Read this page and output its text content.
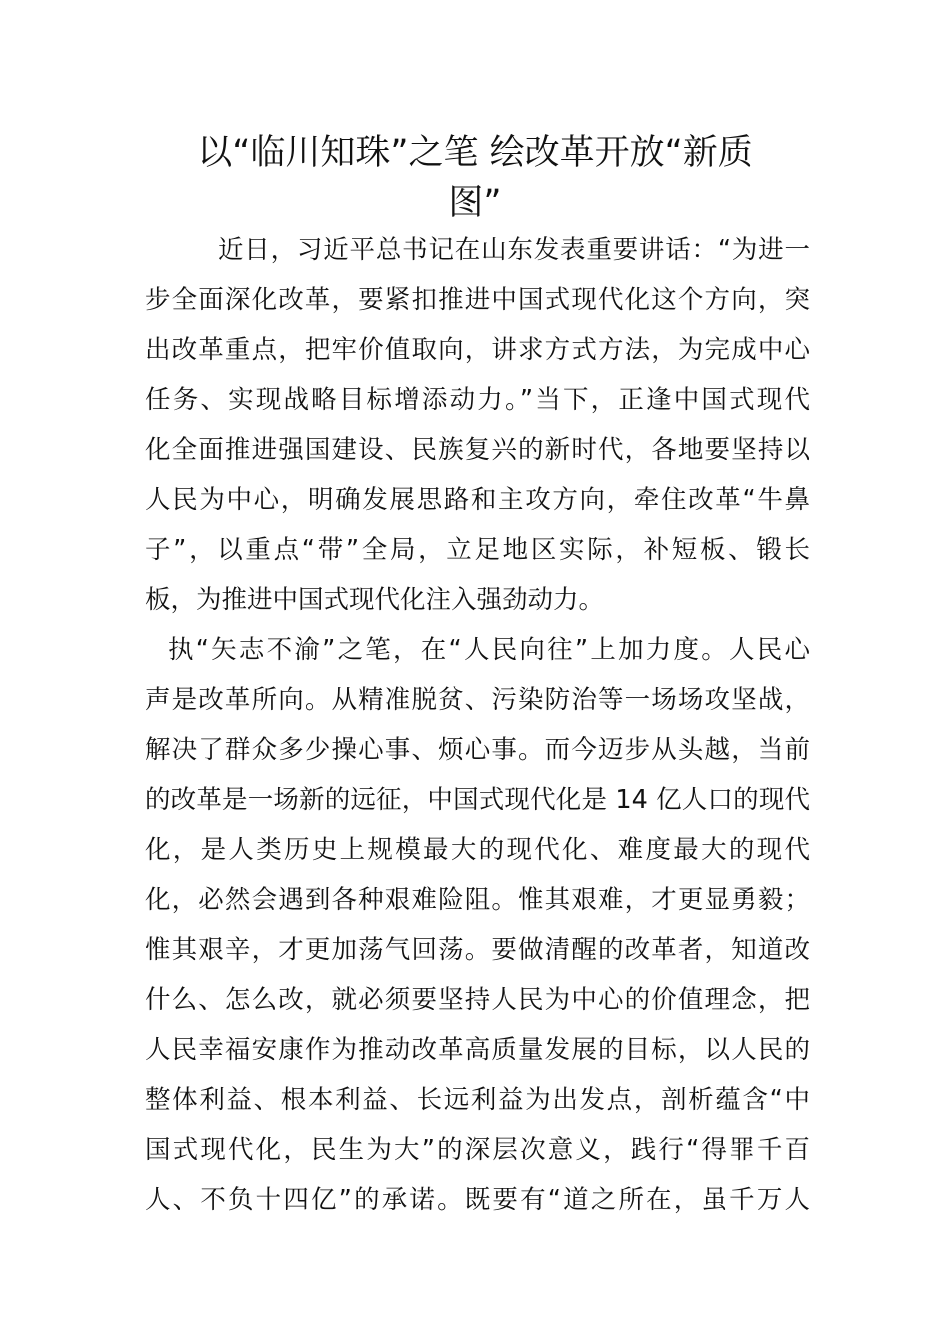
以“临川知珠”之笔 绘改革开放“新质
图”
近日，习近平总书记在山东发表重要讲话：“为进一
步全面深化改革，要紧扣推进中国式现代化这个方向，突
出改革重点，把牢价值取向，讲求方式方法，为完成中心
任务、实现战略目标增添动力。”当下，正逢中国式现代
化全面推进强国建设、民族复兴的新时代，各地要坚持以
人民为中心，明确发展思路和主攻方向，牵住改革“牛鼻
子”，以重点“带”全局，立足地区实际，补短板、锻长
板，为推进中国式现代化注入强劲动力。
执“矢志不渝”之笔，在“人民向往”上加力度。人民心
声是改革所向。从精准脱贫、污染防治等一场场攻坚战，
解决了群众多少操心事、烦心事。而今迈步从头越，当前
的改革是一场新的远征，中国式现代化是 14 亿人口的现代
化，是人类历史上规模最大的现代化、难度最大的现代
化，必然会遇到各种艰难险阻。惟其艰难，才更显勇毅；
惟其艰辛，才更加荡气回荡。要做清醒的改革者，知道改
什么、怎么改，就必须要坚持人民为中心的价值理念，把
人民幸福安康作为推动改革高质量发展的目标，以人民的
整体利益、根本利益、长远利益为出发点，剖析蕴含“中
国式现代化，民生为大”的深层次意义，践行“得罪千百
人、不负十四亿”的承诺。既要有“道之所在，虽千万人
